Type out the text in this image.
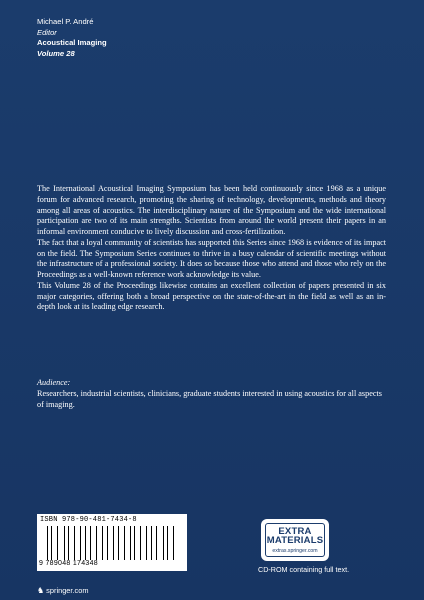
Michael P. André
Editor
Acoustical Imaging
Volume 28

The International Acoustical Imaging Symposium has been held continuously since 1968 as a unique forum for advanced research, promoting the sharing of technology, developments, methods and theory among all areas of acoustics. The interdisciplinary nature of the Symposium and the wide international participation are two of its main strengths. Scientists from around the world present their papers in an informal environment conducive to lively discussion and cross-fertilization.

The fact that a loyal community of scientists has supported this Series since 1968 is evidence of its impact on the field. The Symposium Series continues to thrive in a busy calendar of scientific meetings without the infrastructure of a professional society. It does so because those who attend and those who rely on the Proceedings as a well-known reference work acknowledge its value.

This Volume 28 of the Proceedings likewise contains an excellent collection of papers presented in six major categories, offering both a broad perspective on the state-of-the-art in the field as well as an in-depth look at its leading edge research.

Audience:

Researchers, industrial scientists, clinicians, graduate students interested in using acoustics for all aspects of imaging.

ISBN 978-90-481-7434-8
9 789048 174348
EXTRA
MATERIALS
extras.springer.com
CD-ROM containing full text.
♞ springer.com
